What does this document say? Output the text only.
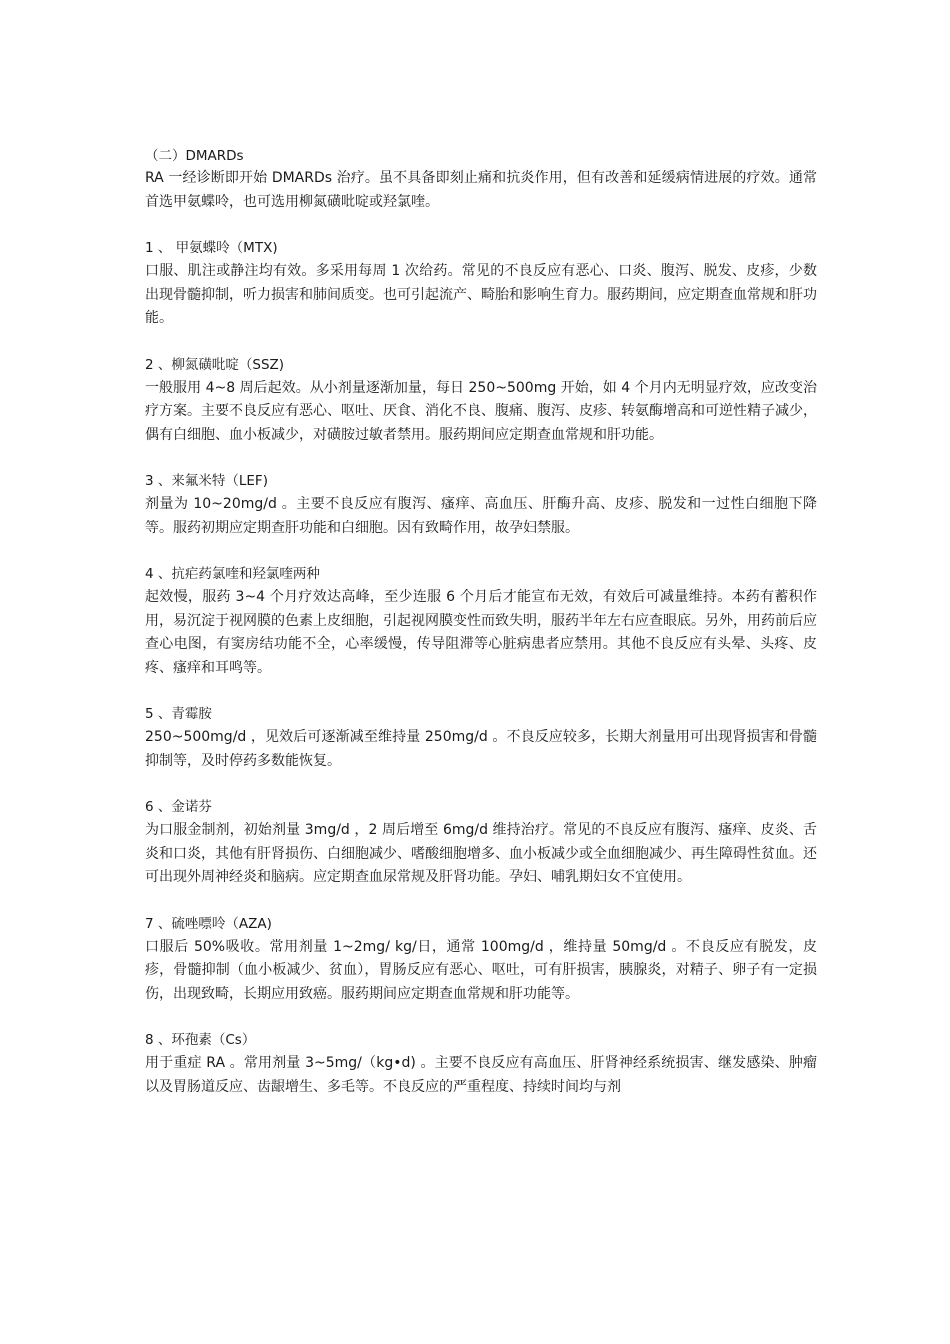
（二）DMARDs

RA 一经诊断即开始 DMARDs 治疗。虽不具备即刻止痛和抗炎作用，但有改善和延缓病情进展的疗效。通常首选甲氨蝶呤，也可选用柳氮磺吡啶或羟氯喹。

1 、 甲氨蝶呤（MTX)

口服、肌注或静注均有效。多采用每周 1 次给药。常见的不良反应有恶心、口炎、腹泻、脱发、皮疹，少数出现骨髓抑制，听力损害和肺间质变。也可引起流产、畸胎和影响生育力。服药期间，应定期查血常规和肝功能。

2 、柳氮磺吡啶（SSZ)

一般服用 4~8 周后起效。从小剂量逐渐加量，每日 250~500mg 开始，如 4 个月内无明显疗效，应改变治疗方案。主要不良反应有恶心、呕吐、厌食、消化不良、腹痛、腹泻、皮疹、转氨酶增高和可逆性精子减少，偶有白细胞、血小板减少，对磺胺过敏者禁用。服药期间应定期查血常规和肝功能。

3 、来氟米特（LEF)

剂量为 10~20mg/d 。主要不良反应有腹泻、瘙痒、高血压、肝酶升高、皮疹、脱发和一过性白细胞下降等。服药初期应定期查肝功能和白细胞。因有致畸作用，故孕妇禁服。

4 、抗疟药氯喹和羟氯喹两种

起效慢，服药 3~4 个月疗效达高峰，至少连服 6 个月后才能宣布无效，有效后可减量维持。本药有蓄积作用，易沉淀于视网膜的色素上皮细胞，引起视网膜变性而致失明，服药半年左右应查眼底。另外，用药前后应查心电图，有窦房结功能不全，心率缓慢，传导阻滞等心脏病患者应禁用。其他不良反应有头晕、头疼、皮疼、瘙痒和耳鸣等。

5 、青霉胺

250~500mg/d ，见效后可逐渐减至维持量 250mg/d 。不良反应较多，长期大剂量用可出现肾损害和骨髓抑制等，及时停药多数能恢复。

6 、金诺芬

为口服金制剂，初始剂量 3mg/d ，2 周后增至 6mg/d 维持治疗。常见的不良反应有腹泻、瘙痒、皮炎、舌炎和口炎，其他有肝肾损伤、白细胞减少、嗜酸细胞增多、血小板减少或全血细胞减少、再生障碍性贫血。还可出现外周神经炎和脑病。应定期查血尿常规及肝肾功能。孕妇、哺乳期妇女不宜使用。

7 、硫唑嘌呤（AZA)

口服后 50%吸收。常用剂量 1~2mg/ kg/日，通常 100mg/d ，维持量 50mg/d 。不良反应有脱发，皮疹，骨髓抑制（血小板减少、贫血），胃肠反应有恶心、呕吐，可有肝损害，胰腺炎，对精子、卵子有一定损伤，出现致畸，长期应用致癌。服药期间应定期查血常规和肝功能等。

8 、环孢素（Cs）

用于重症 RA 。常用剂量 3~5mg/（kg•d) 。主要不良反应有高血压、肝肾神经系统损害、继发感染、肿瘤以及胃肠道反应、齿龈增生、多毛等。不良反应的严重程度、持续时间均与剂
